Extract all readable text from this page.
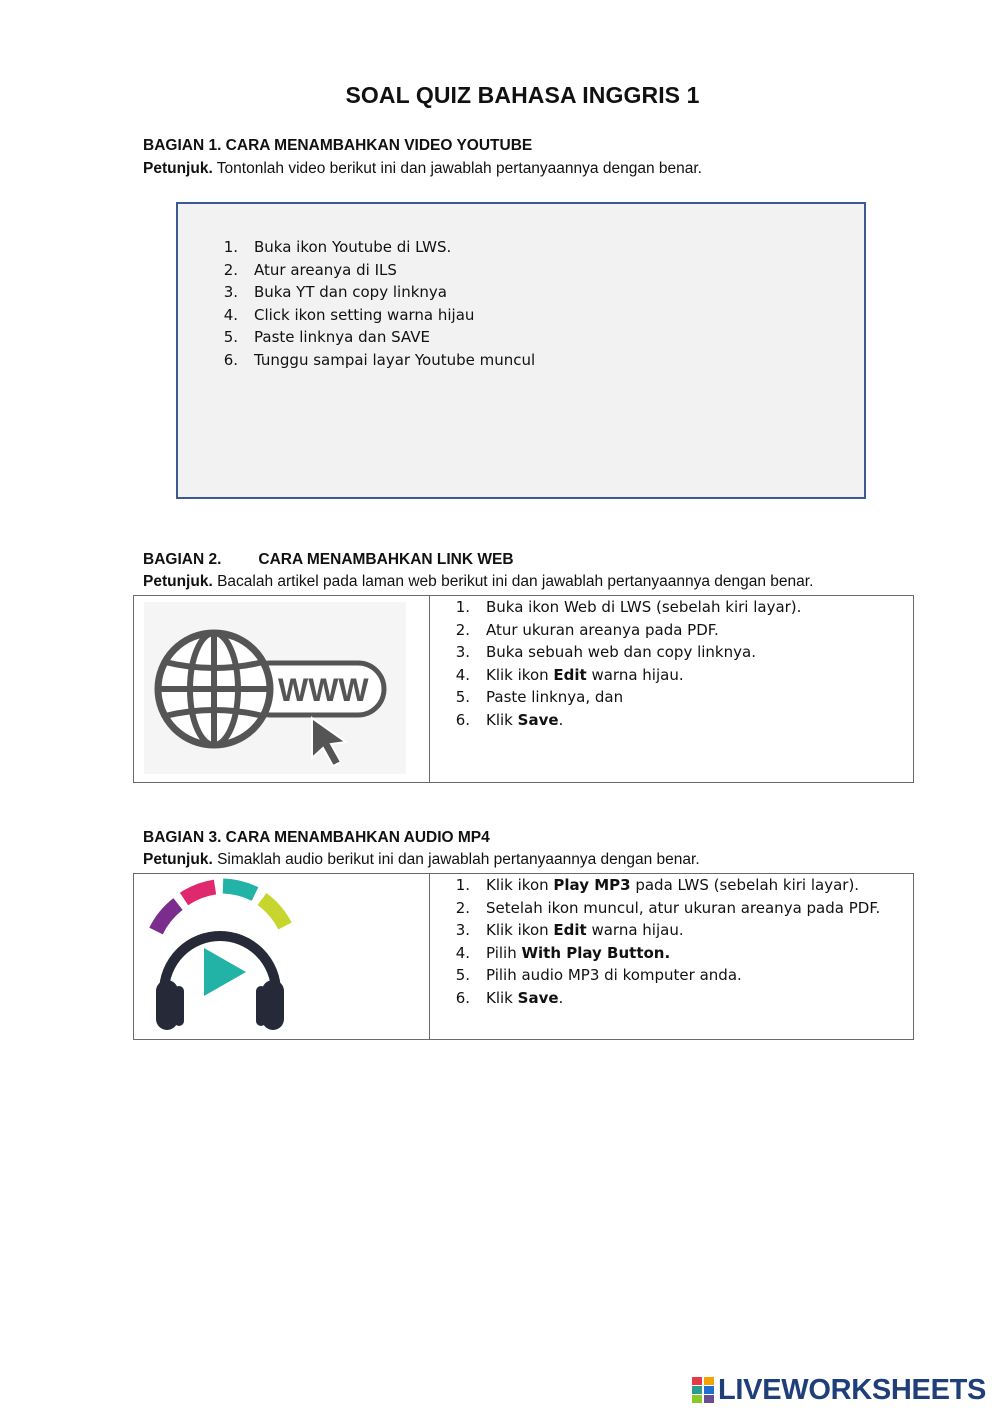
SOAL QUIZ BAHASA INGGRIS 1
BAGIAN 1. CARA MENAMBAHKAN VIDEO YOUTUBE
Petunjuk. Tontonlah video berikut ini dan jawablah pertanyaannya dengan benar.
1.	Buka ikon Youtube di LWS.
2.	Atur areanya di ILS
3.	Buka YT dan copy linknya
4.	Click ikon setting warna hijau
5.	Paste linknya dan SAVE
6.	Tunggu sampai layar Youtube muncul
BAGIAN 2. CARA MENAMBAHKAN LINK WEB
Petunjuk. Bacalah artikel pada laman web berikut ini dan jawablah pertanyaannya dengan benar.
WWW
1.	Buka ikon Web di LWS (sebelah kiri layar).
2.	Atur ukuran areanya pada PDF.
3.	Buka sebuah web dan copy linknya.
4.	Klik ikon Edit warna hijau.
5.	Paste linknya, dan
6.	Klik Save.
BAGIAN 3. CARA MENAMBAHKAN AUDIO MP4
Petunjuk. Simaklah audio berikut ini dan jawablah pertanyaannya dengan benar.
1.	Klik ikon Play MP3 pada LWS (sebelah kiri layar).
2.	Setelah ikon muncul, atur ukuran areanya pada PDF.
3.	Klik ikon Edit warna hijau.
4.	Pilih With Play Button.
5.	Pilih audio MP3 di komputer anda.
6.	Klik Save.
LIVEWORKSHEETS
